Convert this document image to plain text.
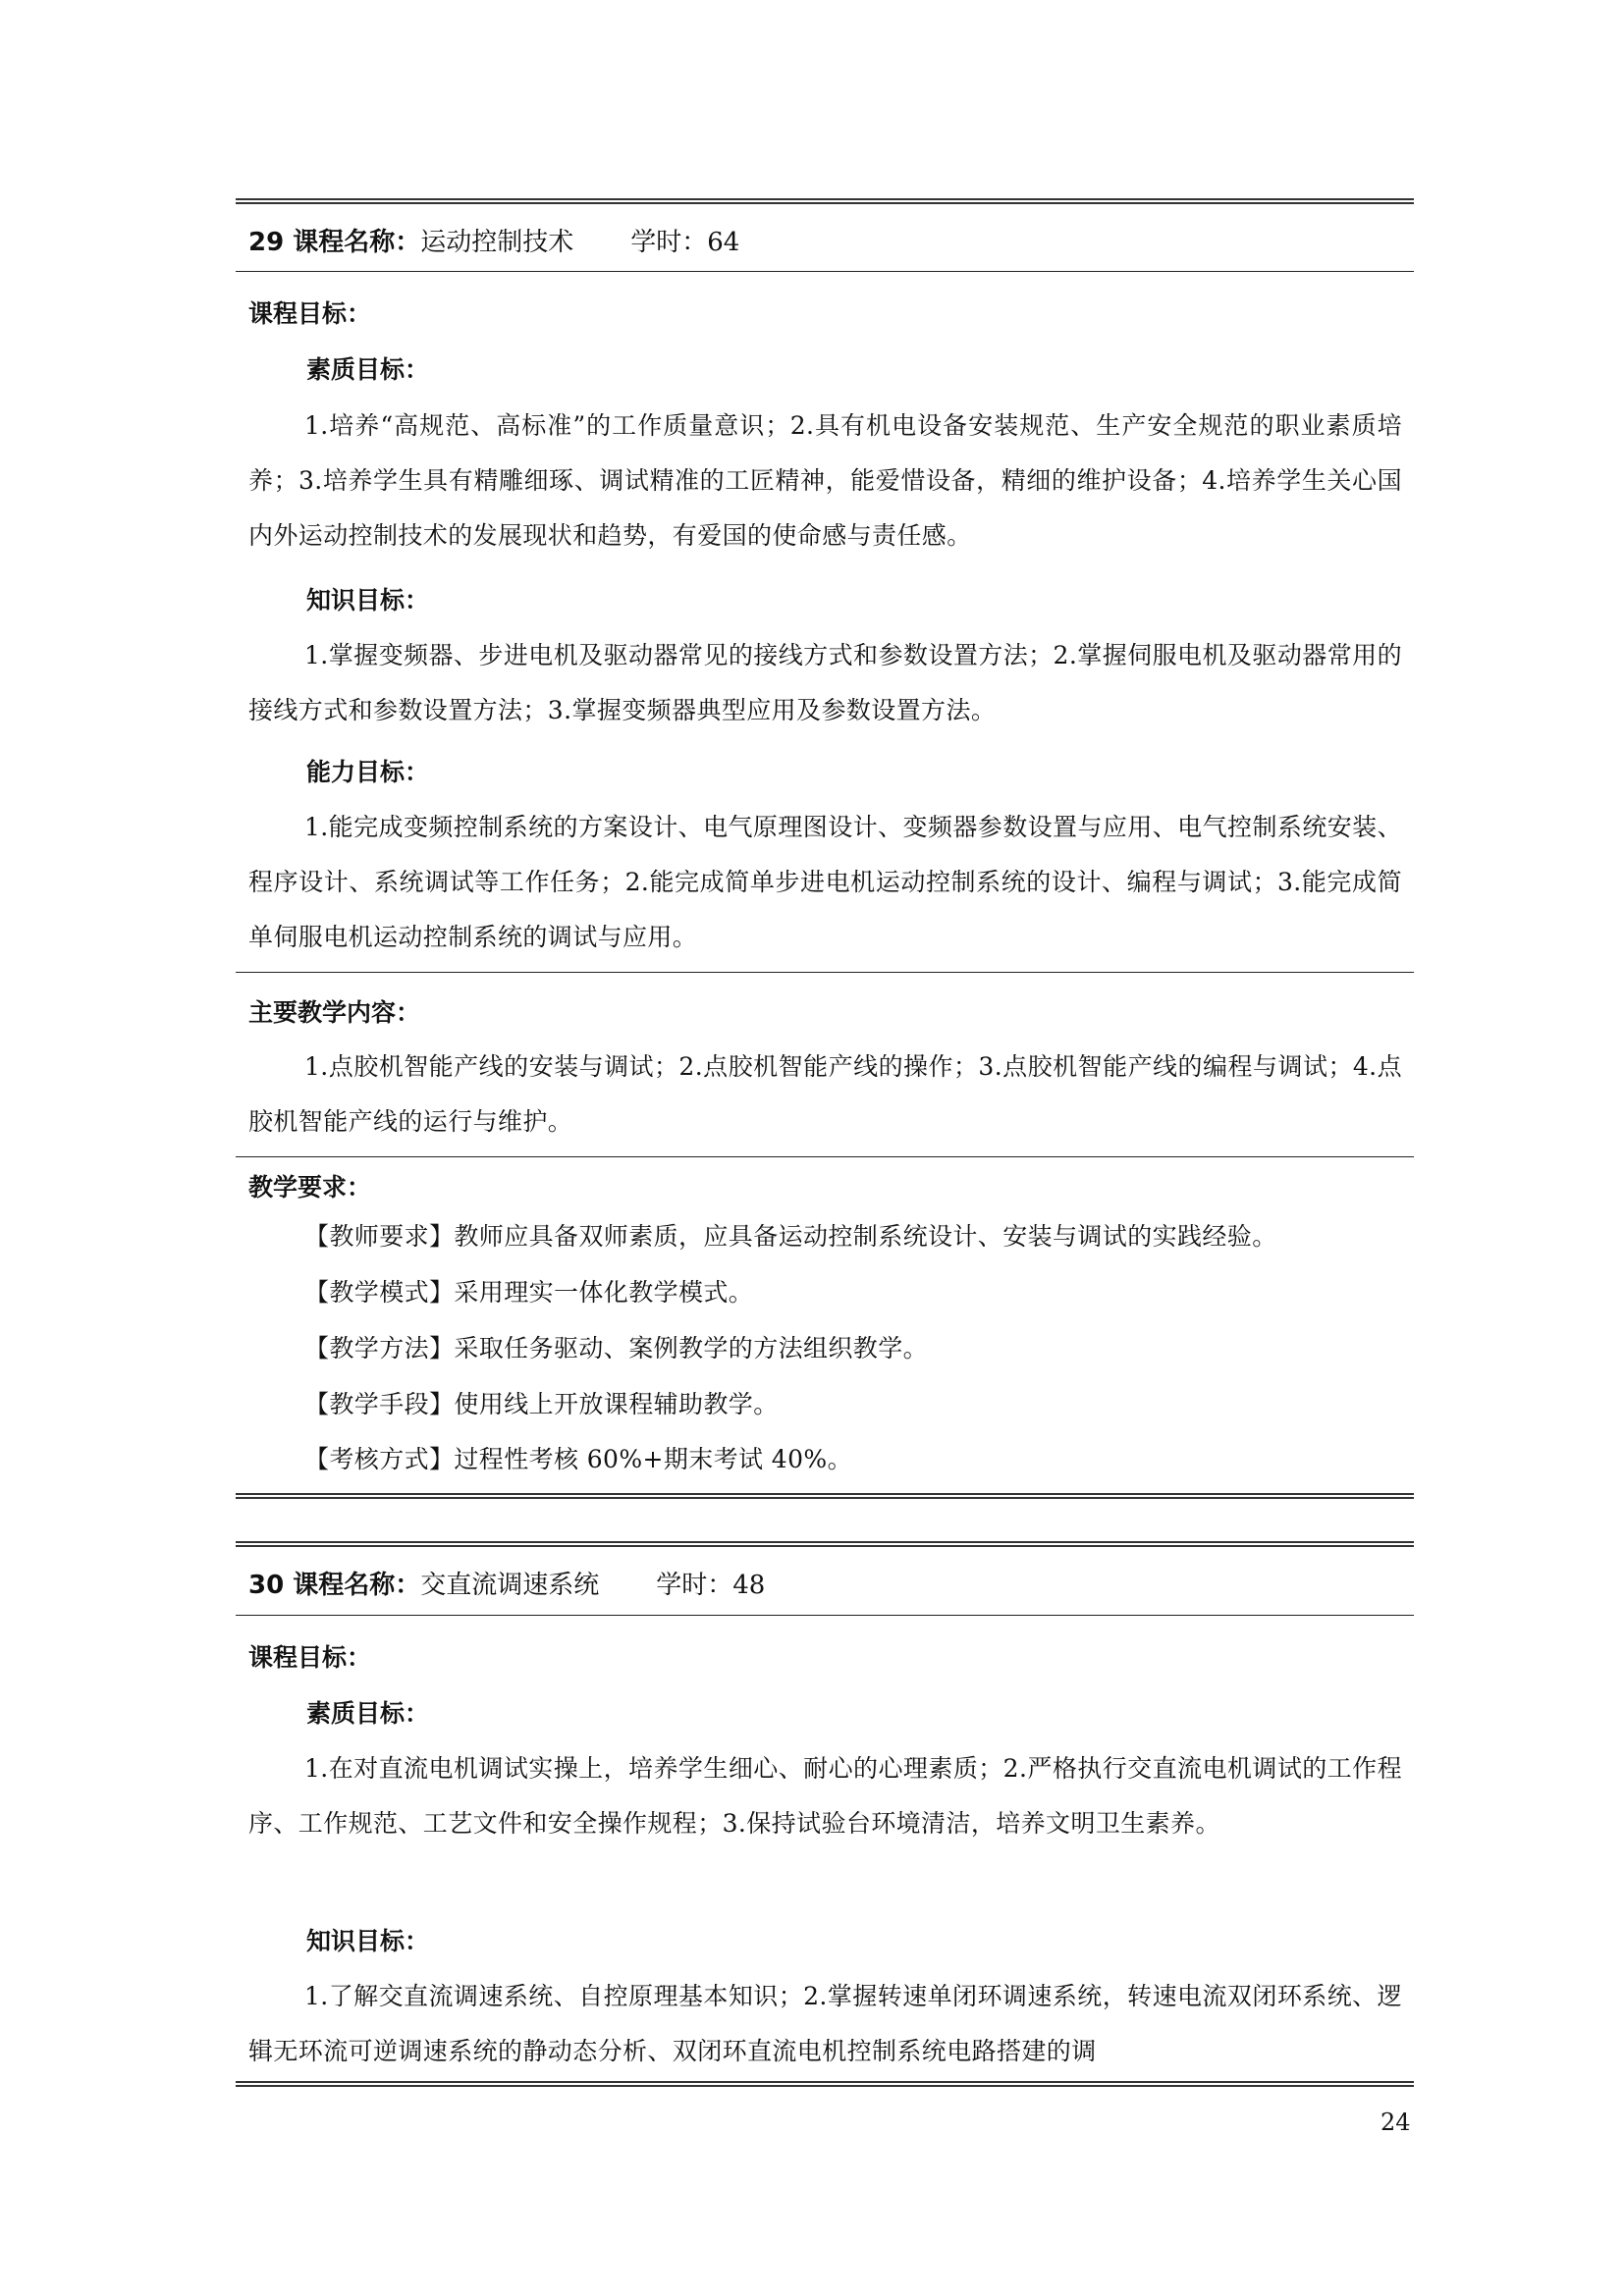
29 课程名称：运动控制技术 学时：64
课程目标：
素质目标：
1.培养“高规范、高标准”的工作质量意识；2.具有机电设备安装规范、生产安全规范的职业素质培养；3.培养学生具有精雕细琢、调试精准的工匠精神，能爱惜设备，精细的维护设备；4.培养学生关心国内外运动控制技术的发展现状和趋势，有爱国的使命感与责任感。
知识目标：
1.掌握变频器、步进电机及驱动器常见的接线方式和参数设置方法；2.掌握伺服电机及驱动器常用的接线方式和参数设置方法；3.掌握变频器典型应用及参数设置方法。
能力目标：
1.能完成变频控制系统的方案设计、电气原理图设计、变频器参数设置与应用、电气控制系统安装、程序设计、系统调试等工作任务；2.能完成简单步进电机运动控制系统的设计、编程与调试；3.能完成简单伺服电机运动控制系统的调试与应用。
主要教学内容：
1.点胶机智能产线的安装与调试；2.点胶机智能产线的操作；3.点胶机智能产线的编程与调试；4.点胶机智能产线的运行与维护。
教学要求：
【教师要求】教师应具备双师素质，应具备运动控制系统设计、安装与调试的实践经验。
【教学模式】采用理实一体化教学模式。
【教学方法】采取任务驱动、案例教学的方法组织教学。
【教学手段】使用线上开放课程辅助教学。
【考核方式】过程性考核 60%+期末考试 40%。
30 课程名称：交直流调速系统 学时：48
课程目标：
素质目标：
1.在对直流电机调试实操上，培养学生细心、耐心的心理素质；2.严格执行交直流电机调试的工作程序、工作规范、工艺文件和安全操作规程；3.保持试验台环境清洁，培养文明卫生素养。
知识目标：
1.了解交直流调速系统、自控原理基本知识；2.掌握转速单闭环调速系统，转速电流双闭环系统、逻辑无环流可逆调速系统的静动态分析、双闭环直流电机控制系统电路搭建的调
24
